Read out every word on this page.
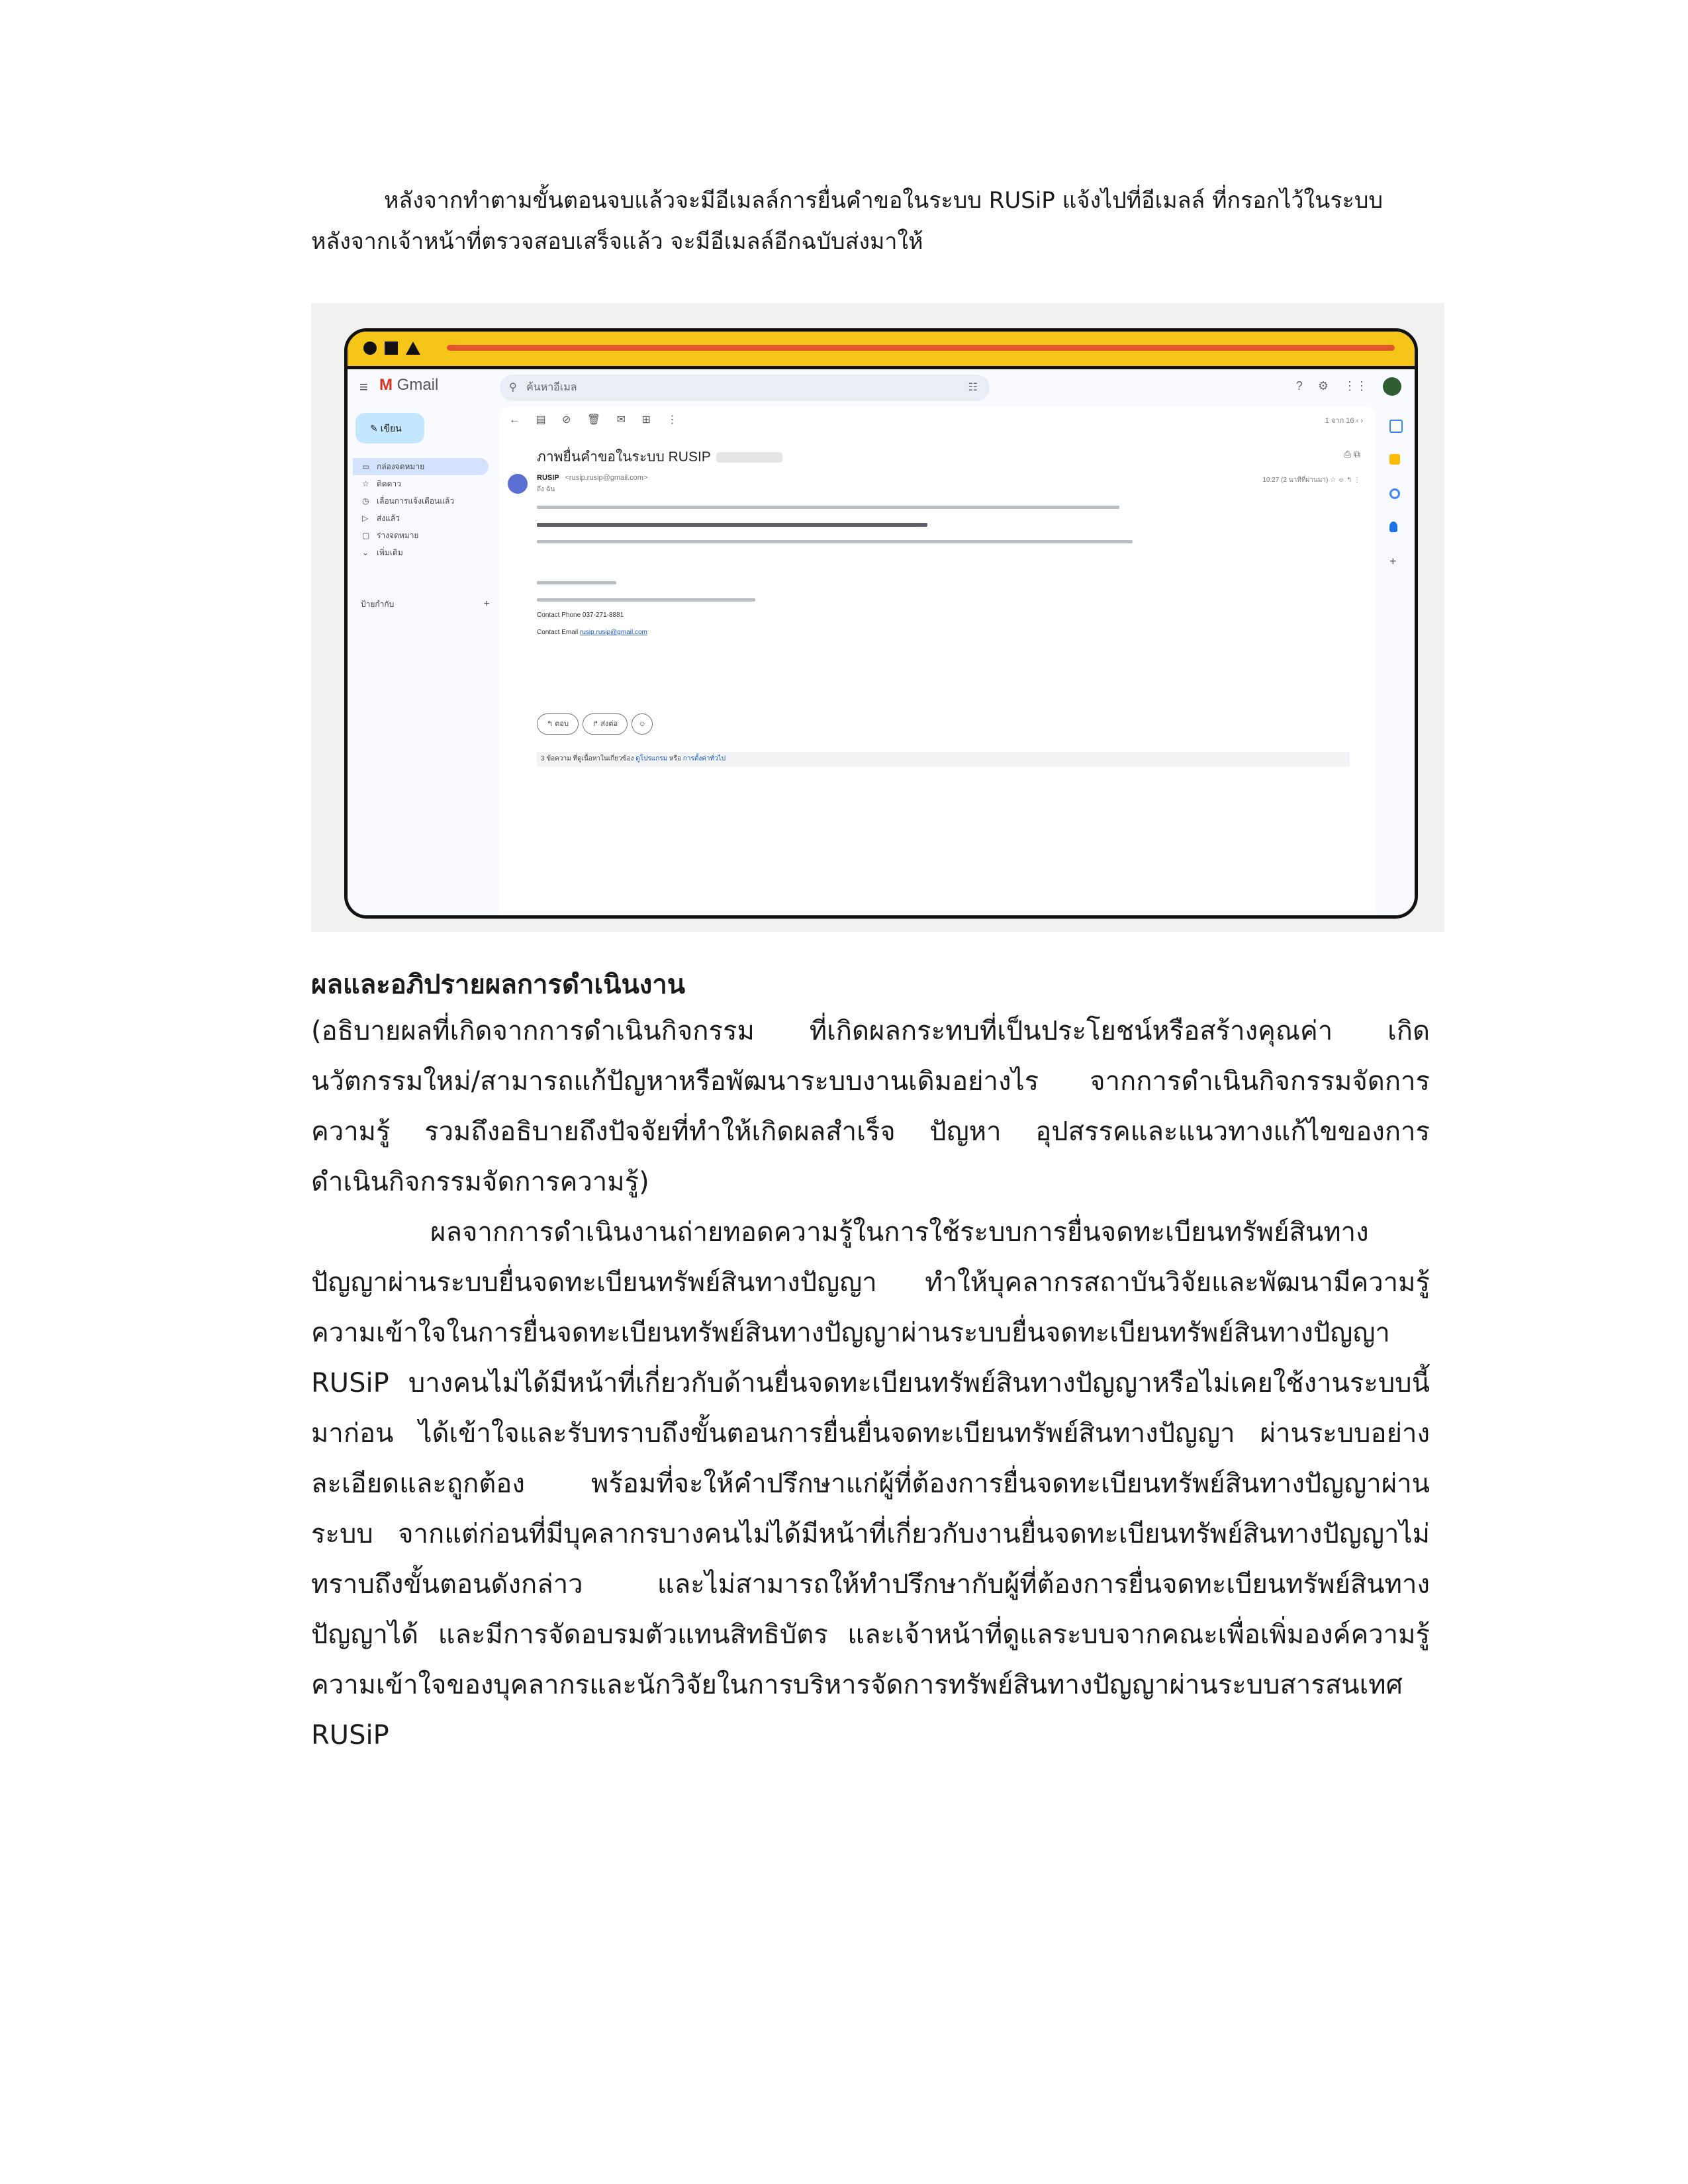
หลังจากทำตามขั้นตอนจบแล้วจะมีอีเมลล์การยื่นคำขอในระบบ RUSiP แจ้งไปที่อีเมลล์ ที่กรอกไว้ในระบบ

หลังจากเจ้าหน้าที่ตรวจสอบเสร็จแล้ว จะมีอีเมลล์อีกฉบับส่งมาให้

≡ M Gmail	⚲ ค้นหาอีเมล	☷	? ⚙ ⋮⋮
✎ เขียน
▭ กล่องจดหมาย
☆ ติดดาว
◷ เลื่อนการแจ้งเตือนแล้ว
▷ ส่งแล้ว
▢ ร่างจดหมาย
⌄ เพิ่มเติม
ป้ายกำกับ	+
← ▤ ⊘ 🗑 ✉ ⊞ ⋮	1 จาก 16 ‹ ›
ภาพยื่นคำขอในระบบ RUSIP	⎙ ⧉
RUSIP <rusip.rusip@gmail.com>
ถึง ฉัน
10:27 (2 นาทีที่ผ่านมา) ☆ ☺ ↰ ⋮
Contact Phone 037-271-8881
Contact Email rusip.rusip@gmail.com
↰ ตอบ	↱ ส่งต่อ	☺
3 ข้อความ ที่ดูเนื้อหาในเกี่ยวข้อง ดูโปรแกรม หรือ การตั้งค่าทั่วไป
+
ผลและอภิปรายผลการดำเนินงาน

(อธิบายผลที่เกิดจากการดำเนินกิจกรรม ที่เกิดผลกระทบที่เป็นประโยชน์หรือสร้างคุณค่า เกิดนวัตกรรมใหม่/สามารถแก้ปัญหาหรือพัฒนาระบบงานเดิมอย่างไร จากการดำเนินกิจกรรมจัดการความรู้ รวมถึงอธิบายถึงปัจจัยที่ทำให้เกิดผลสำเร็จ ปัญหา อุปสรรคและแนวทางแก้ไขของการดำเนินกิจกรรมจัดการความรู้)

ผลจากการดำเนินงานถ่ายทอดความรู้ในการใช้ระบบการยื่นจดทะเบียนทรัพย์สินทางปัญญาผ่านระบบยื่นจดทะเบียนทรัพย์สินทางปัญญา ทำให้บุคลากรสถาบันวิจัยและพัฒนามีความรู้ความเข้าใจในการยื่นจดทะเบียนทรัพย์สินทางปัญญาผ่านระบบยื่นจดทะเบียนทรัพย์สินทางปัญญา RUSiP บางคนไม่ได้มีหน้าที่เกี่ยวกับด้านยื่นจดทะเบียนทรัพย์สินทางปัญญาหรือไม่เคยใช้งานระบบนี้มาก่อน ได้เข้าใจและรับทราบถึงขั้นตอนการยื่นยื่นจดทะเบียนทรัพย์สินทางปัญญา ผ่านระบบอย่างละเอียดและถูกต้อง พร้อมที่จะให้คำปรึกษาแก่ผู้ที่ต้องการยื่นจดทะเบียนทรัพย์สินทางปัญญาผ่านระบบ จากแต่ก่อนที่มีบุคลากรบางคนไม่ได้มีหน้าที่เกี่ยวกับงานยื่นจดทะเบียนทรัพย์สินทางปัญญาไม่ทราบถึงขั้นตอนดังกล่าว และไม่สามารถให้ทำปรึกษากับผู้ที่ต้องการยื่นจดทะเบียนทรัพย์สินทางปัญญาได้ และมีการจัดอบรมตัวแทนสิทธิบัตร และเจ้าหน้าที่ดูแลระบบจากคณะเพื่อเพิ่มองค์ความรู้ความเข้าใจของบุคลากรและนักวิจัยในการบริหารจัดการทรัพย์สินทางปัญญาผ่านระบบสารสนเทศ RUSiP
